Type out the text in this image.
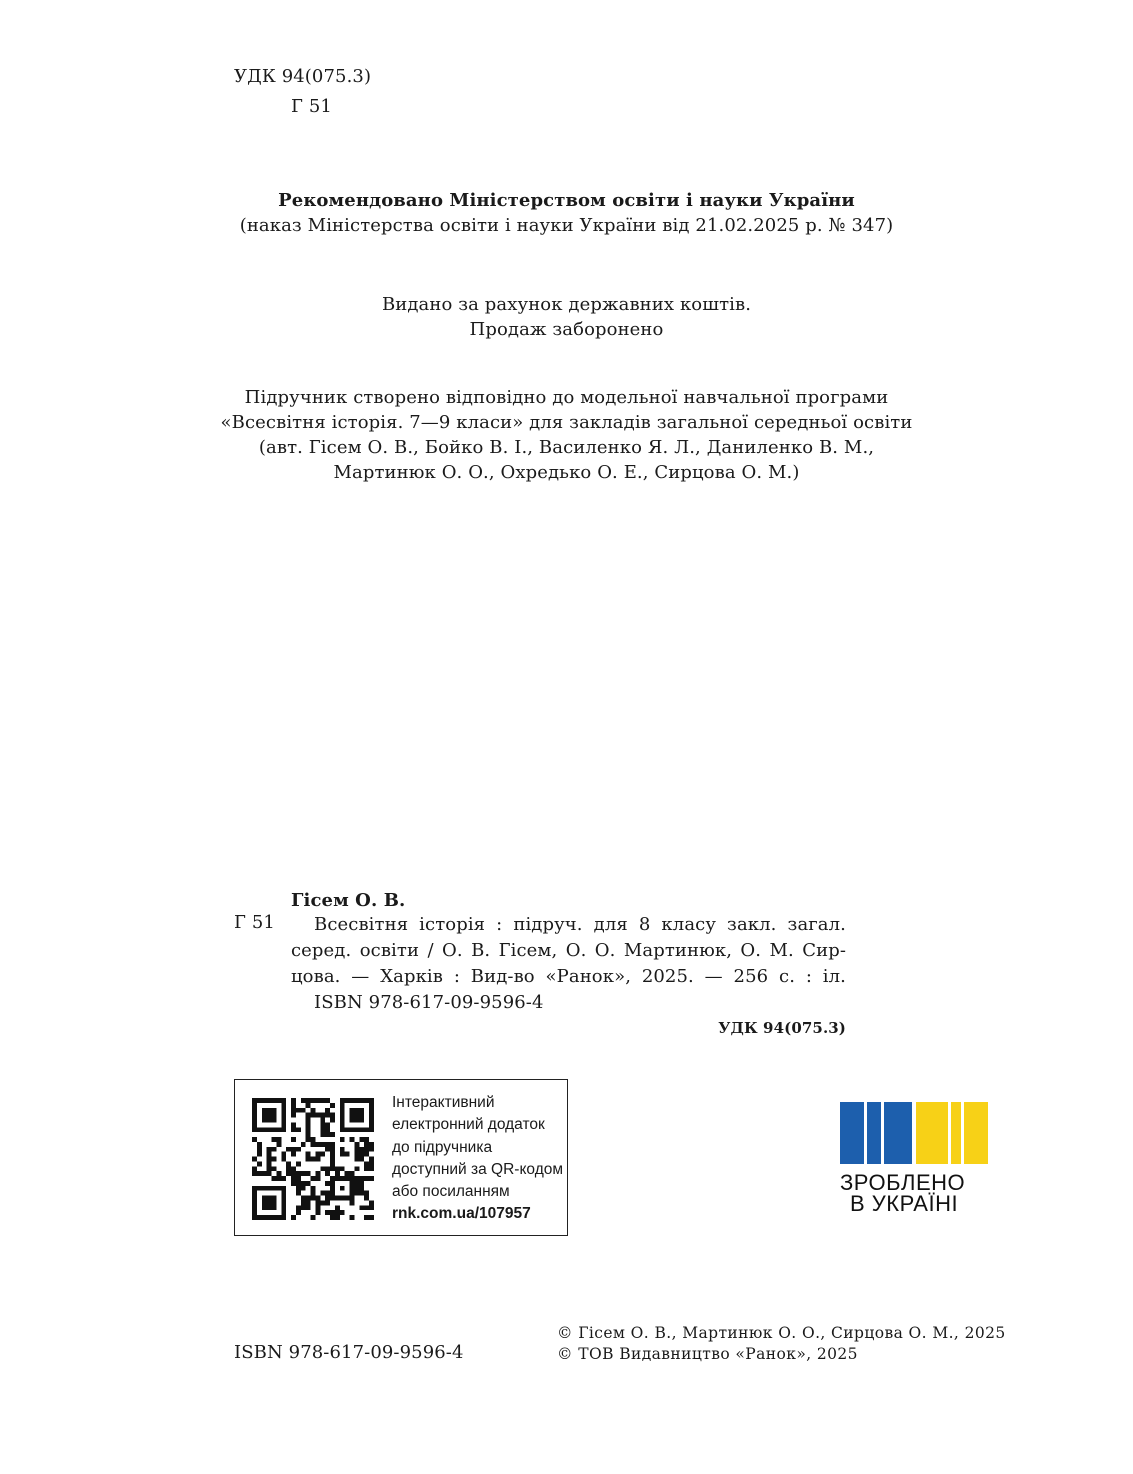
УДК 94(075.3)
Г 51
Рекомендовано Міністерством освіти і науки України
(наказ Міністерства освіти і науки України від 21.02.2025 р. № 347)
Видано за рахунок державних коштів.
Продаж заборонено
Підручник створено відповідно до модельної навчальної програми
«Всесвітня історія. 7—9 класи» для закладів загальної середньої освіти
(авт. Гісем О. В., Бойко В. І., Василенко Я. Л., Даниленко В. М.,
Мартинюк О. О., Охредько О. Е., Сирцова О. М.)
Гісем О. В.
Г 51	Всесвітня історія : підруч. для 8 класу закл. загал.
серед. освіти / О. В. Гісем, О. О. Мартинюк, О. М. Сир-
цова. — Харків : Вид-во «Ранок», 2025. — 256 с. : іл.
ISBN 978-617-09-9596-4
УДК 94(075.3)
Інтерактивний
електронний додаток
до підручника
доступний за QR-кодом
або посиланням
rnk.com.ua/107957
ЗРОБЛЕНО
В УКРАЇНІ
ISBN 978-617-09-9596-4
© Гісем О. В., Мартинюк О. О., Сирцова О. М., 2025
© ТОВ Видавництво «Ранок», 2025
